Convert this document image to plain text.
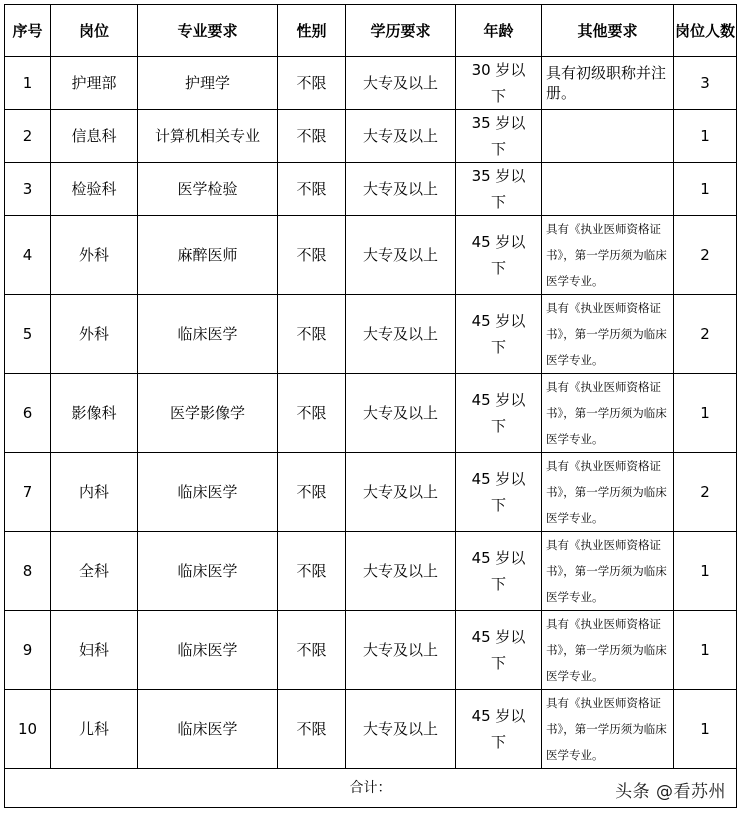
序号	岗位	专业要求	性别	学历要求	年龄	其他要求	岗位人数
1	护理部	护理学	不限	大专及以上	30 岁以下	具有初级职称并注册。	3
2	信息科	计算机相关专业	不限	大专及以上	35 岁以下		1
3	检验科	医学检验	不限	大专及以上	35 岁以下		1
4	外科	麻醉医师	不限	大专及以上	45 岁以下	具有《执业医师资格证书》，第一学历须为临床医学专业。	2
5	外科	临床医学	不限	大专及以上	45 岁以下	具有《执业医师资格证书》，第一学历须为临床医学专业。	2
6	影像科	医学影像学	不限	大专及以上	45 岁以下	具有《执业医师资格证书》，第一学历须为临床医学专业。	1
7	内科	临床医学	不限	大专及以上	45 岁以下	具有《执业医师资格证书》，第一学历须为临床医学专业。	2
8	全科	临床医学	不限	大专及以上	45 岁以下	具有《执业医师资格证书》，第一学历须为临床医学专业。	1
9	妇科	临床医学	不限	大专及以上	45 岁以下	具有《执业医师资格证书》，第一学历须为临床医学专业。	1
10	儿科	临床医学	不限	大专及以上	45 岁以下	具有《执业医师资格证书》，第一学历须为临床医学专业。	1
合计：								头条 @看苏州
